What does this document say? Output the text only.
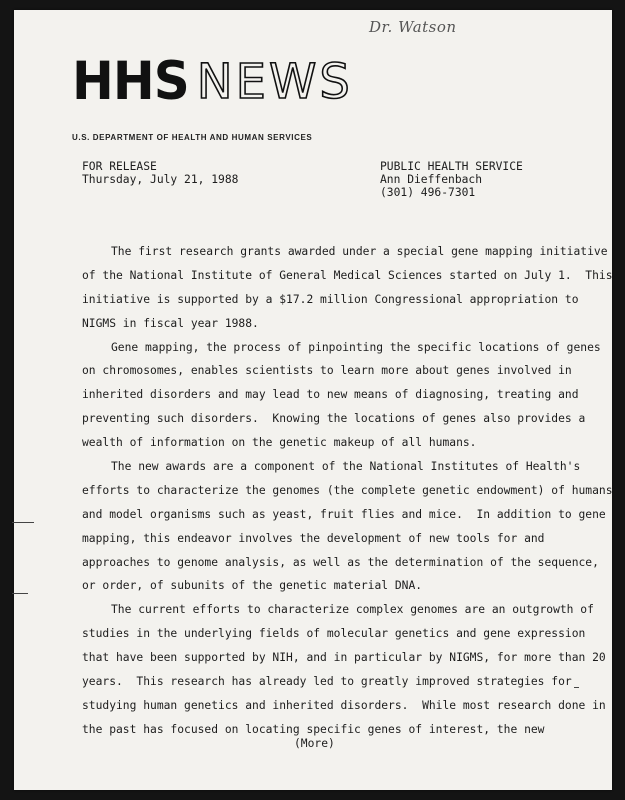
Dr. Watson
HHS NEWS
U.S. DEPARTMENT OF HEALTH AND HUMAN SERVICES
FOR RELEASE
Thursday, July 21, 1988
PUBLIC HEALTH SERVICE
Ann Dieffenbach
(301) 496-7301

The first research grants awarded under a special gene mapping initiative
of the National Institute of General Medical Sciences started on July 1.  This
initiative is supported by a $17.2 million Congressional appropriation to
NIGMS in fiscal year 1988.

Gene mapping, the process of pinpointing the specific locations of genes
on chromosomes, enables scientists to learn more about genes involved in
inherited disorders and may lead to new means of diagnosing, treating and
preventing such disorders.  Knowing the locations of genes also provides a
wealth of information on the genetic makeup of all humans.

The new awards are a component of the National Institutes of Health's
efforts to characterize the genomes (the complete genetic endowment) of humans
and model organisms such as yeast, fruit flies and mice.  In addition to gene
mapping, this endeavor involves the development of new tools for and
approaches to genome analysis, as well as the determination of the sequence,
or order, of subunits of the genetic material DNA.

The current efforts to characterize complex genomes are an outgrowth of
studies in the underlying fields of molecular genetics and gene expression
that have been supported by NIH, and in particular by NIGMS, for more than 20
years.  This research has already led to greatly improved strategies for
studying human genetics and inherited disorders.  While most research done in
the past has focused on locating specific genes of interest, the new

(More)
